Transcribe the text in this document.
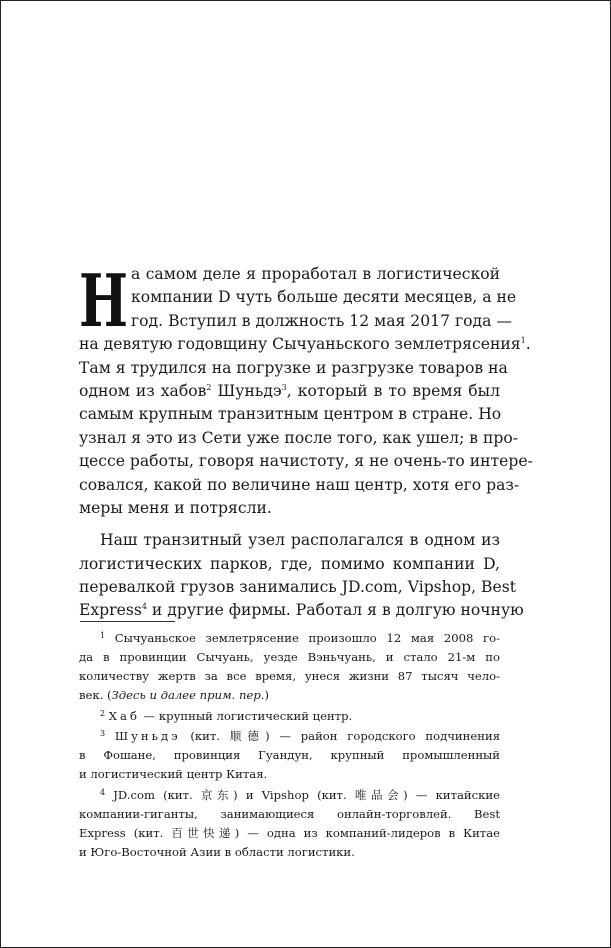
Н а самом деле я проработал в логистической
компании D чуть больше десяти месяцев, а не
год. Вступил в должность 12 мая 2017 года —
на девятую годовщину Сычуаньского землетрясения$^1$.
Там я трудился на погрузке и разгрузке товаров на
одном из хабов$^2$ Шуньдэ$^3$, который в то время был
самым крупным транзитным центром в стране. Но
узнал я это из Сети уже после того, как ушел; в про-
цессе работы, говоря начистоту, я не очень-то интере-
совался, какой по величине наш центр, хотя его раз-
меры меня и потрясли.
Наш транзитный узел располагался в одном из
логистических парков, где, помимо компании D,
перевалкой грузов занимались JD.com, Vipshop, Best
Express$^4$ и другие фирмы. Работал я в долгую ночную
$^1$ Сычуаньское землетрясение произошло 12 мая 2008 го-
да в провинции Сычуань, уезде Вэньчуань, и стало 21-м по
количеству жертв за все время, унеся жизни 87 тысяч чело-
век. (Здесь и далее прим. пер.)
$^2$ Хаб — крупный логистический центр.
$^3$ Шуньдэ (кит. 顺德) — район городского подчинения
в Фошане, провинция Гуандун, крупный промышленный
и логистический центр Китая.
$^4$ JD.com (кит. 京东) и Vipshop (кит. 唯品会) — китайские
компании-гиганты, занимающиеся онлайн-торговлей. Best
Express (кит. 百世快递) — одна из компаний-лидеров в Китае
и Юго-Восточной Азии в области логистики.
